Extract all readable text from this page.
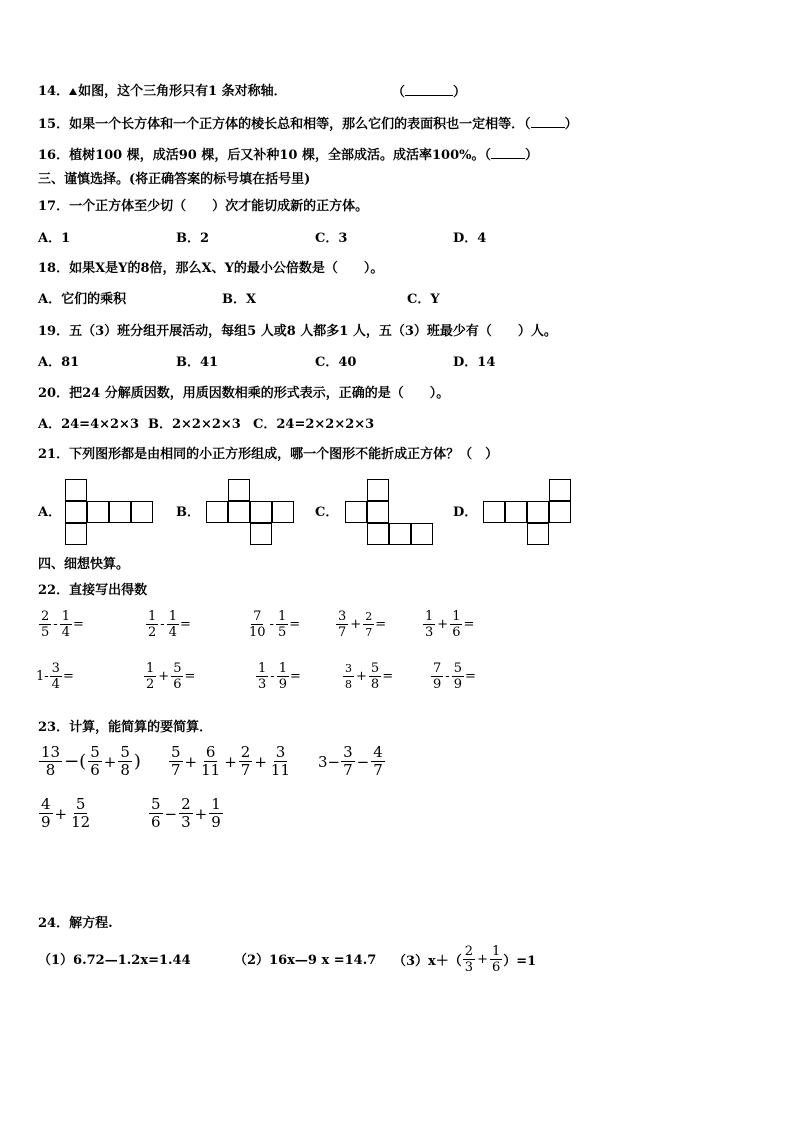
14． 如图，这个三角形只有1 条对称轴．	（	）
15．如果一个长方体和一个正方体的棱长总和相等，那么它们的表面积也一定相等．（	）
16．植树100 棵，成活90 棵，后又补种10 棵，全部成活。成活率100%。（	）
三、谨慎选择。(将正确答案的标号填在括号里)
17．一个正方体至少切（　　）次才能切成新的正方体。
A．1	B．2	C．3	D．4
18．如果X是Y的8倍，那么X、Y的最小公倍数是（　　）。
A．它们的乘积	B．X	C．Y
19．五（3）班分组开展活动，每组5 人或8 人都多1 人，五（3）班最少有（　　）人。
A．81	B．41	C．40	D．14
20．把24 分解质因数，用质因数相乘的形式表示，正确的是（　　）。
A．24=4×2×3 B．2×2×2×3 C．24=2×2×2×3
21．下列图形都是由相同的小正方形组成，哪一个图形不能折成正方体？（　）
A．	B．	C．	D．
四、细想快算。
22．直接写出得数
$\frac{2}{5} - \frac{1}{4}$ =	$\frac{1}{2} - \frac{1}{4}$ =	$\frac{7}{10} - \frac{1}{5}$ =	$\frac{3}{7} + \frac{2}{7}$ =	$\frac{1}{3} + \frac{1}{6}$ =
$1- \frac{3}{4}$ =	$\frac{1}{2} + \frac{5}{6}$ =	$\frac{1}{3} - \frac{1}{9}$ =	$\frac{3}{8} + \frac{5}{8}$ =	$\frac{7}{9} - \frac{5}{9}$ =
23．计算，能简算的要简算．
$\frac{13}{8}$ −( $\frac{5}{6} + \frac{5}{8}$ ) $\frac{5}{7} + \frac{6}{11} + \frac{2}{7} + \frac{3}{11} 3- \frac{3}{7} - \frac{4}{7}$
$\frac{4}{9} + \frac{5}{12}$	$\frac{5}{6} - \frac{2}{3} + \frac{1}{9}$
24．解方程.
（1）6.72—1.2x=1.44	（2）16x—9 x =14.7 $(3)x+( \frac{2}{3} + \frac{1}{6} )=1$
